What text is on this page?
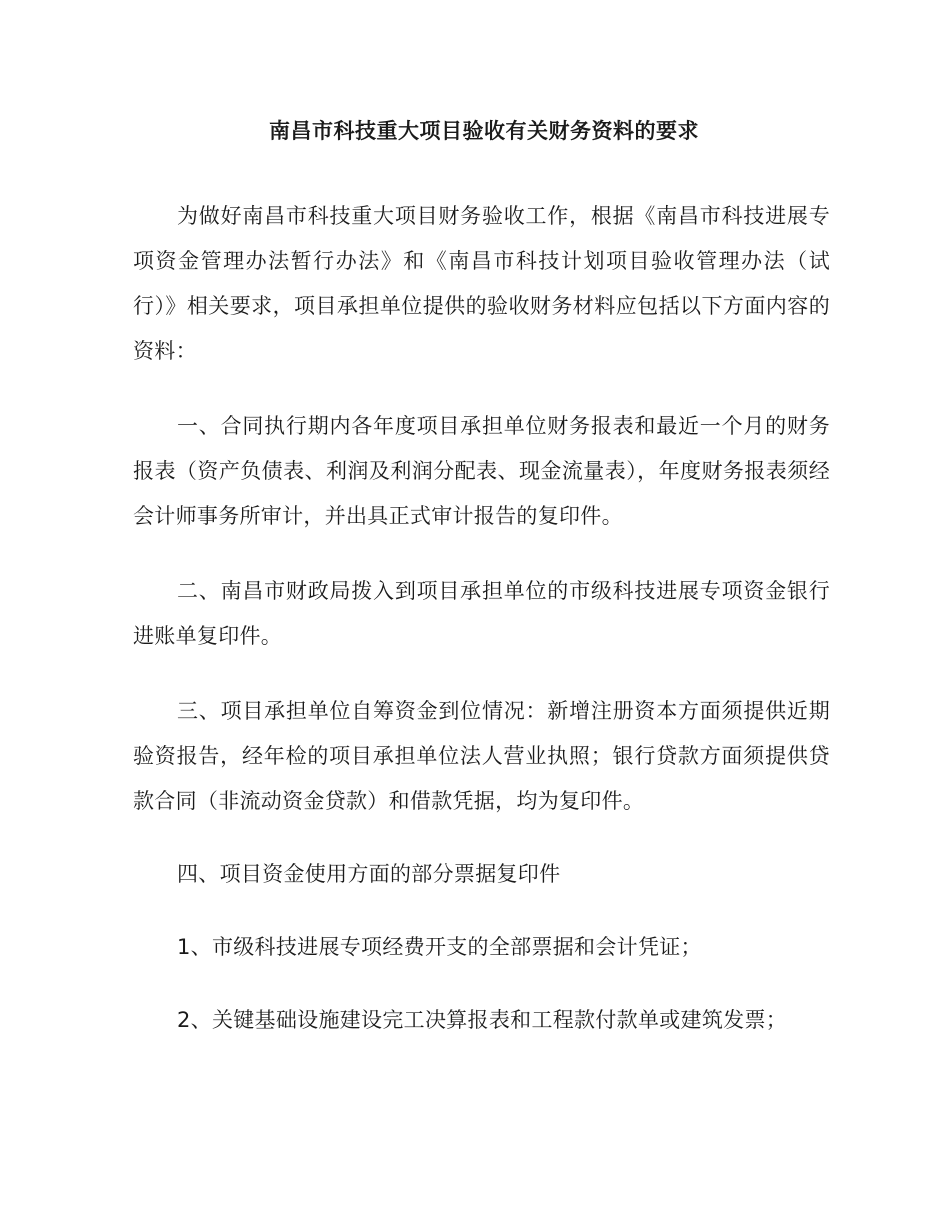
南昌市科技重大项目验收有关财务资料的要求

为做好南昌市科技重大项目财务验收工作，根据《南昌市科技进展专项资金管理办法暂行办法》和《南昌市科技计划项目验收管理办法（试行）》相关要求，项目承担单位提供的验收财务材料应包括以下方面内容的资料：

一、合同执行期内各年度项目承担单位财务报表和最近一个月的财务报表（资产负债表、利润及利润分配表、现金流量表），年度财务报表须经会计师事务所审计，并出具正式审计报告的复印件。

二、南昌市财政局拨入到项目承担单位的市级科技进展专项资金银行进账单复印件。

三、项目承担单位自筹资金到位情况：新增注册资本方面须提供近期验资报告，经年检的项目承担单位法人营业执照；银行贷款方面须提供贷款合同（非流动资金贷款）和借款凭据，均为复印件。

四、项目资金使用方面的部分票据复印件

1、市级科技进展专项经费开支的全部票据和会计凭证；

2、关键基础设施建设完工决算报表和工程款付款单或建筑发票；
